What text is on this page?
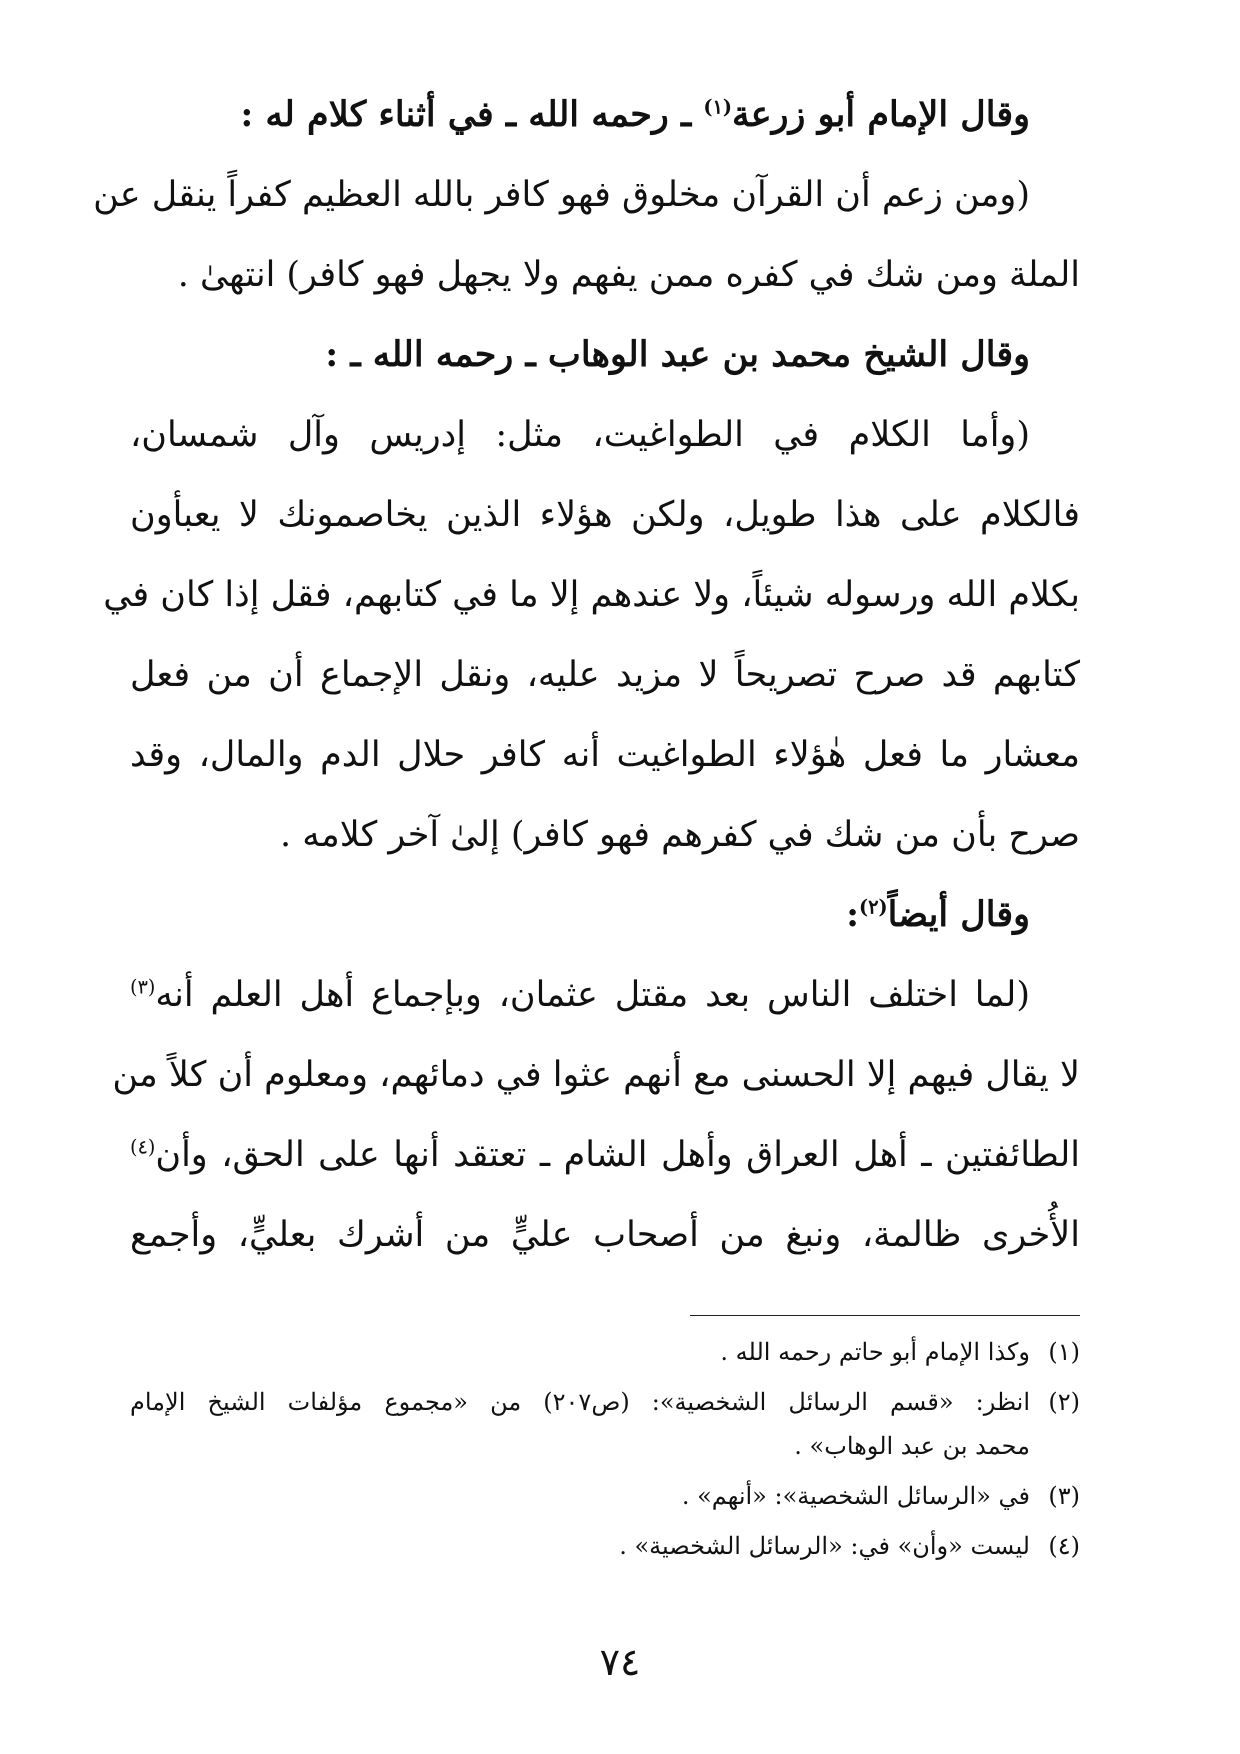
وقال الإمام أبو زرعة$^{(١)}$ ـ رحمه الله ـ في أثناء كلام له :
(ومن زعم أن القرآن مخلوق فهو كافر بالله العظيم كفراً ينقل عن
الملة ومن شك في كفره ممن يفهم ولا يجهل فهو كافر) انتهىٰ .
وقال الشيخ محمد بن عبد الوهاب ـ رحمه الله ـ :
(وأما الكلام في الطواغيت، مثل: إدريس وآل شمسان،
فالكلام على هذا طويل، ولكن هؤلاء الذين يخاصمونك لا يعبأون
بكلام الله ورسوله شيئاً، ولا عندهم إلا ما في كتابهم، فقل إذا كان في
كتابهم قد صرح تصريحاً لا مزيد عليه، ونقل الإجماع أن من فعل
معشار ما فعل هٰؤلاء الطواغيت أنه كافر حلال الدم والمال، وقد
صرح بأن من شك في كفرهم فهو كافر) إلىٰ آخر كلامه .
وقال أيضاً$^{(٢)}$:
(لما اختلف الناس بعد مقتل عثمان، وبإجماع أهل العلم أنه$^{(٣)}$
لا يقال فيهم إلا الحسنى مع أنهم عثوا في دمائهم، ومعلوم أن كلاً من
الطائفتين ـ أهل العراق وأهل الشام ـ تعتقد أنها على الحق، وأن$^{(٤)}$
الأُخرى ظالمة، ونبغ من أصحاب عليٍّ من أشرك بعليٍّ، وأجمع
(١)
وكذا الإمام أبو حاتم رحمه الله .
(٢)
انظر: «قسم الرسائل الشخصية»: (ص٢٠٧) من «مجموع مؤلفات الشيخ الإمام
محمد بن عبد الوهاب» .
(٣)
في «الرسائل الشخصية»: «أنهم» .
(٤)
ليست «وأن» في: «الرسائل الشخصية» .
٧٤
